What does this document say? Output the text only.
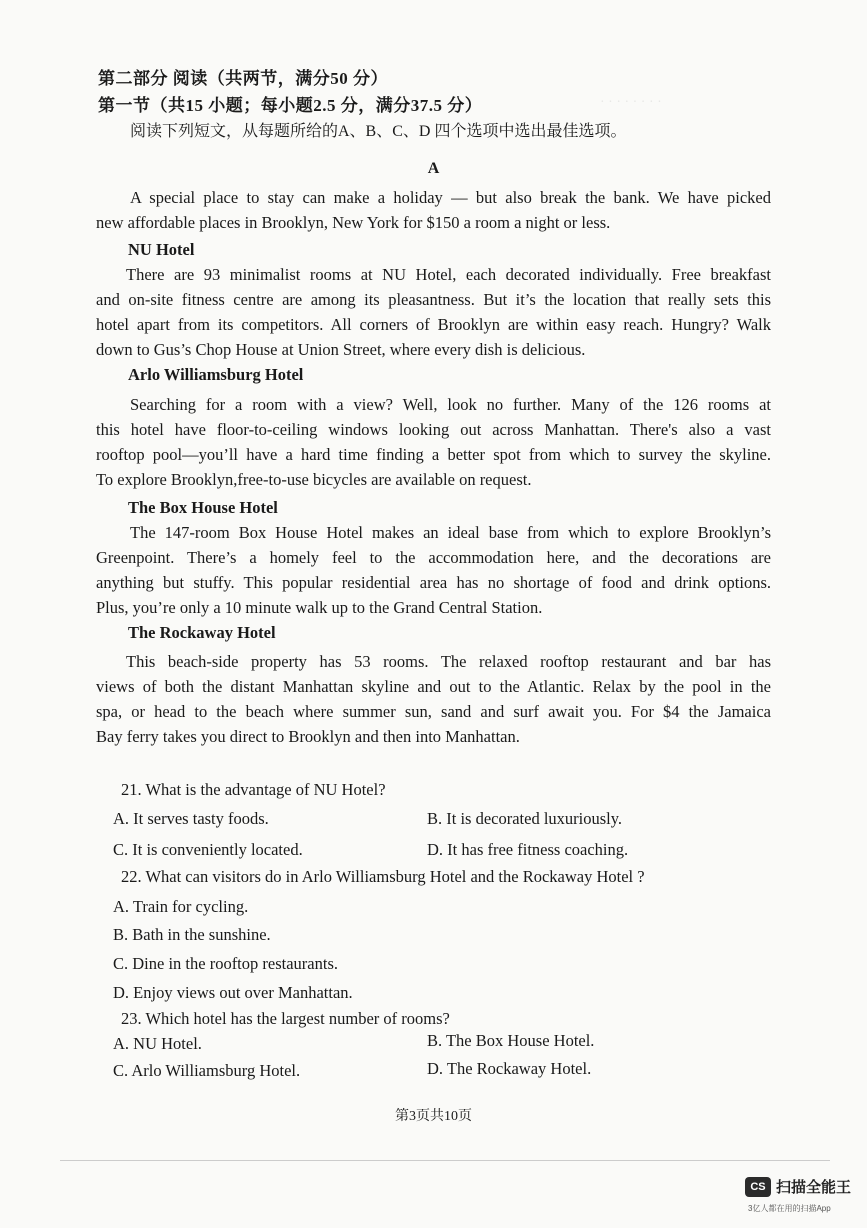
· · · · · · · ·
第二部分 阅读（共两节，满分50 分）
第一节（共15 小题；每小题2.5 分，满分37.5 分）
阅读下列短文，从每题所给的A、B、C、D 四个选项中选出最佳选项。
A
A special place to stay can make a holiday — but also break the bank. We have picked
new affordable places in Brooklyn, New York for $150 a room a night or less.
NU Hotel
There are 93 minimalist rooms at NU Hotel, each decorated individually. Free breakfast
and on-site fitness centre are among its pleasantness. But it’s the location that really sets this
hotel apart from its competitors. All corners of Brooklyn are within easy reach. Hungry? Walk
down to Gus’s Chop House at Union Street, where every dish is delicious.
Arlo Williamsburg Hotel
Searching for a room with a view? Well, look no further. Many of the 126 rooms at
this hotel have floor-to-ceiling windows looking out across Manhattan. There's also a vast
rooftop pool—you’ll have a hard time finding a better spot from which to survey the skyline.
To explore Brooklyn,free-to-use bicycles are available on request.
The Box House Hotel
The 147-room Box House Hotel makes an ideal base from which to explore Brooklyn’s
Greenpoint. There’s a homely feel to the accommodation here, and the decorations are
anything but stuffy. This popular residential area has no shortage of food and drink options.
Plus, you’re only a 10 minute walk up to the Grand Central Station.
The Rockaway Hotel
This beach-side property has 53 rooms. The relaxed rooftop restaurant and bar has
views of both the distant Manhattan skyline and out to the Atlantic. Relax by the pool in the
spa, or head to the beach where summer sun, sand and surf await you. For $4 the Jamaica
Bay ferry takes you direct to Brooklyn and then into Manhattan.
21. What is the advantage of NU Hotel?
A. It serves tasty foods.	B. It is decorated luxuriously.
C. It is conveniently located.	D. It has free fitness coaching.
22. What can visitors do in Arlo Williamsburg Hotel and the Rockaway Hotel ?
A. Train for cycling.
B. Bath in the sunshine.
C. Dine in the rooftop restaurants.
D. Enjoy views out over Manhattan.
23. Which hotel has the largest number of rooms?
A. NU Hotel.	B. The Box House Hotel.
C. Arlo Williamsburg Hotel.	D. The Rockaway Hotel.
第3页共10页
CS 扫描全能王
3亿人都在用的扫描App
